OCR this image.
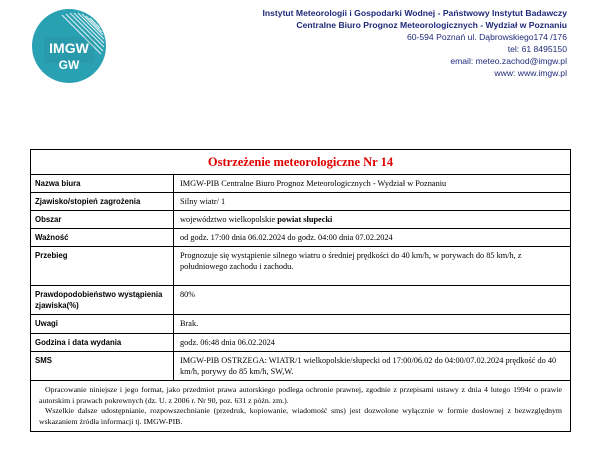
IMGW
GW
Instytut Meteorologii i Gospodarki Wodnej - Państwowy Instytut Badawczy
Centralne Biuro Prognoz Meteorologicznych - Wydział w Poznaniu
60-594 Poznań ul. Dąbrowskiego174 /176
tel: 61 8495150
email: meteo.zachod@imgw.pl
www: www.imgw.pl
Ostrzeżenie meteorologiczne Nr 14
Nazwa biura	IMGW-PIB Centralne Biuro Prognoz Meteorologicznych - Wydział w Poznaniu
Zjawisko/stopień zagrożenia	Silny wiatr/ 1
Obszar	województwo wielkopolskie powiat słupecki
Ważność	od godz. 17:00 dnia 06.02.2024 do godz. 04:00 dnia 07.02.2024
Przebieg	Prognozuje się wystąpienie silnego wiatru o średniej prędkości do 40 km/h, w porywach do 85 km/h, z południowego zachodu i zachodu.
Prawdopodobieństwo wystąpienia zjawiska(%)	80%
Uwagi	Brak.
Godzina i data wydania	godz. 06:48 dnia 06.02.2024
SMS	IMGW-PIB OSTRZEGA: WIATR/1 wielkopolskie/słupecki od 17:00/06.02 do 04:00/07.02.2024 prędkość do 40 km/h, porywy do 85 km/h, SW,W.

Opracowanie niniejsze i jego format, jako przedmiot prawa autorskiego podlega ochronie prawnej, zgodnie z przepisami ustawy z dnia 4 lutego 1994r o prawie autorskim i prawach pokrewnych (dz. U. z 2006 r. Nr 90, poz. 631 z późn. zm.).

Wszelkie dalsze udostępnianie, rozpowszechnianie (przedruk, kopiowanie, wiadomość sms) jest dozwolone wyłącznie w formie dosłownej z bezwzględnym wskazaniem źródła informacji tj. IMGW-PIB.
